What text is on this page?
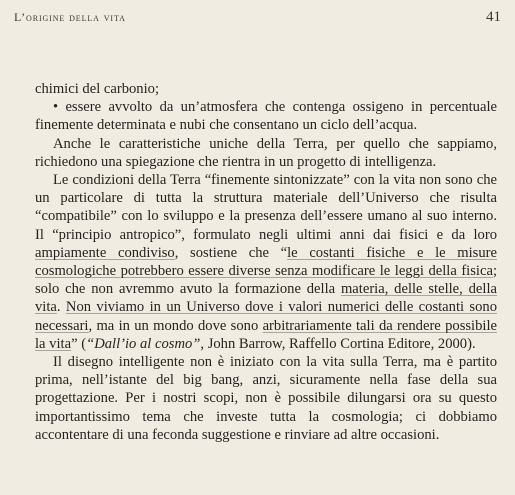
L’origine della vita	41

chimici del carbonio;

• essere avvolto da un’atmosfera che contenga ossigeno in percentuale finemente determinata e nubi che consentano un ciclo dell’acqua.

Anche le caratteristiche uniche della Terra, per quello che sappiamo, richiedono una spiegazione che rientra in un progetto di intelligenza.

Le condizioni della Terra “finemente sintonizzate” con la vita non sono che un particolare di tutta la struttura materiale dell’Universo che risulta “compatibile” con lo sviluppo e la presenza dell’essere umano al suo interno. Il “principio antropico”, formulato negli ultimi anni dai fisici e da loro ampiamente condiviso, sostiene che “le costanti fisiche e le misure cosmologiche potrebbero essere diverse senza modificare le leggi della fisica; solo che non avremmo avuto la formazione della materia, delle stelle, della vita. Non viviamo in un Universo dove i valori numerici delle costanti sono necessari, ma in un mondo dove sono arbitrariamente tali da rendere possibile la vita” (“Dall’io al cosmo”, John Barrow, Raffello Cortina Editore, 2000).

Il disegno intelligente non è iniziato con la vita sulla Terra, ma è partito prima, nell’istante del big bang, anzi, sicuramente nella fase della sua progettazione. Per i nostri scopi, non è possibile dilungarsi ora su questo importantissimo tema che investe tutta la cosmologia; ci dobbiamo accontentare di una feconda suggestione e rinviare ad altre occasioni.
